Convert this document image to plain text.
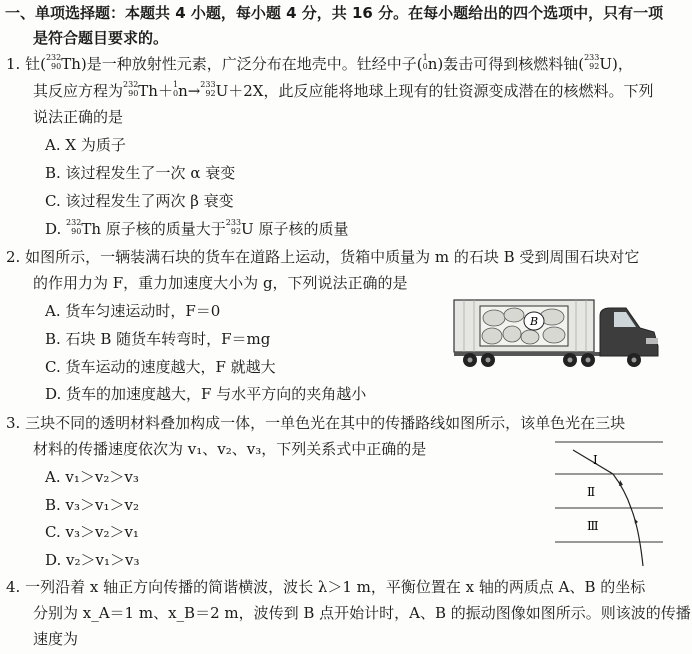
一、单项选择题：本题共 4 小题，每小题 4 分，共 16 分。在每小题给出的四个选项中，只有一项
是符合题目要求的。
1. 钍( 232
90 Th)是一种放射性元素，广泛分布在地壳中。钍经中子( 1
0 n)轰击可得到核燃料铀( 233
92 U)，
其反应方程为 232
90 Th＋ 1
0 n→ 233
92 U＋2X，此反应能将地球上现有的钍资源变成潜在的核燃料。下列
说法正确的是
A. X 为质子
B. 该过程发生了一次 α 衰变
C. 该过程发生了两次 β 衰变
D. 232
90 Th 原子核的质量大于 233
92 U 原子核的质量
2. 如图所示，一辆装满石块的货车在道路上运动，货箱中质量为 m 的石块 B 受到周围石块对它
的作用力为 F，重力加速度大小为 g，下列说法正确的是
A. 货车匀速运动时，F＝0
B. 石块 B 随货车转弯时，F＝mg
C. 货车运动的速度越大，F 就越大
D. 货车的加速度越大，F 与水平方向的夹角越小
B
3. 三块不同的透明材料叠加构成一体，一单色光在其中的传播路线如图所示，该单色光在三块
材料的传播速度依次为 v₁、v₂、v₃，下列关系式中正确的是
A. v₁＞v₂＞v₃
B. v₃＞v₁＞v₂
C. v₃＞v₂＞v₁
D. v₂＞v₁＞v₃
Ⅰ
Ⅱ
Ⅲ
4. 一列沿着 x 轴正方向传播的简谐横波，波长 λ＞1 m，平衡位置在 x 轴的两质点 A、B 的坐标
分别为 x_A＝1 m、x_B＝2 m，波传到 B 点开始计时，A、B 的振动图像如图所示。则该波的传播
速度为
